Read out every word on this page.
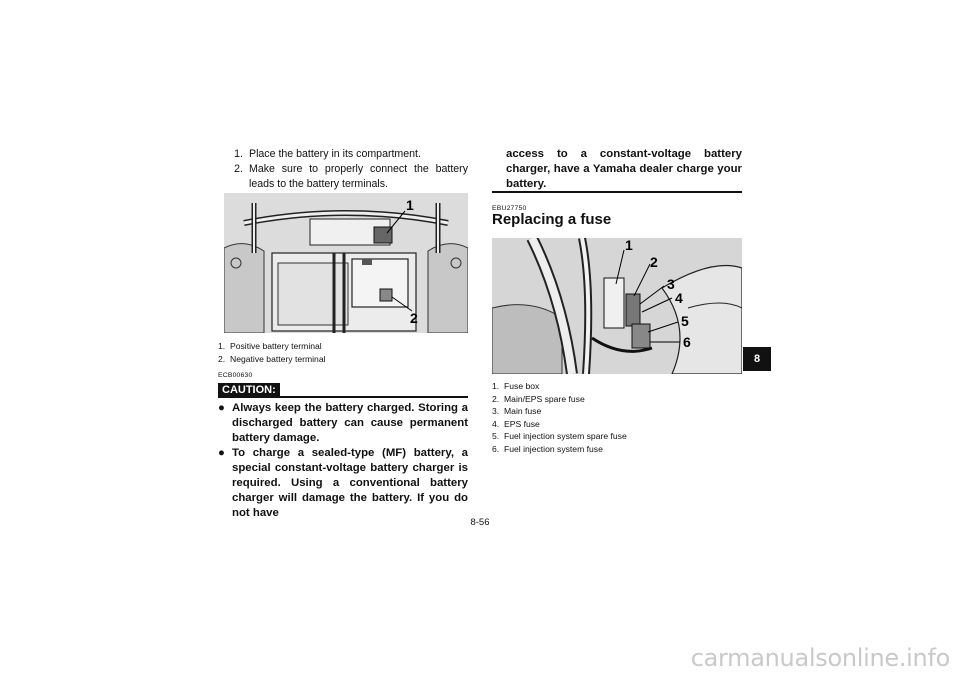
1. Place the battery in its compartment.
2. Make sure to properly connect the battery leads to the battery terminals.
1
2
1. Positive battery terminal
2. Negative battery terminal
ECB00630
CAUTION:
● Always keep the battery charged. Storing a discharged battery can cause permanent battery damage.
● To charge a sealed-type (MF) battery, a special constant-voltage battery charger is required. Using a conventional battery charger will damage the battery. If you do not have
access to a constant-voltage battery charger, have a Yamaha dealer charge your battery.
EBU27750
Replacing a fuse
1
2
3
4
5
6
1. Fuse box
2. Main/EPS spare fuse
3. Main fuse
4. EPS fuse
5. Fuel injection system spare fuse
6. Fuel injection system fuse
8
8-56
carmanualsonline.info
